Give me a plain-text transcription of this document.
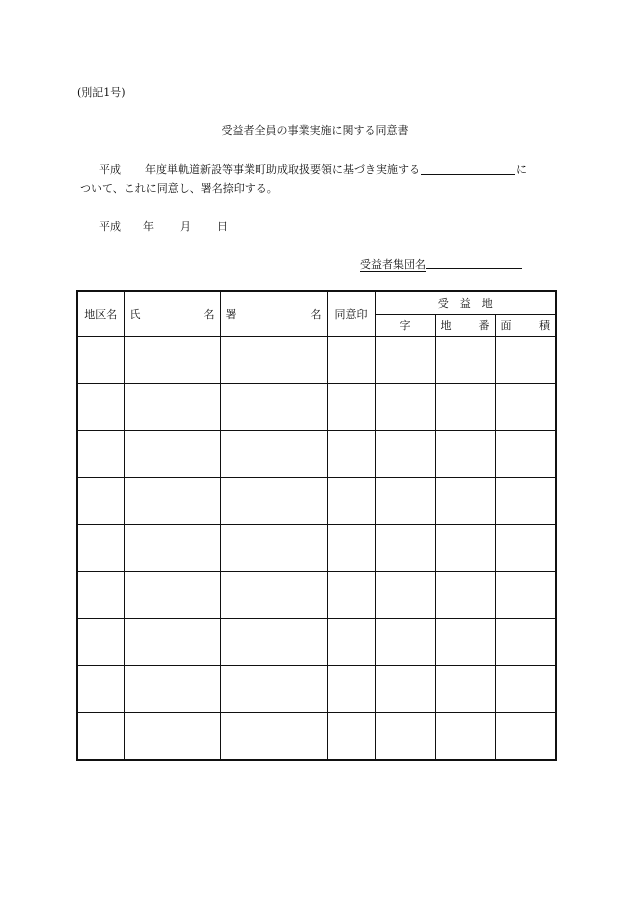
(別記1号)
受益者全員の事業実施に関する同意書
平成 年度単軌道新設等事業町助成取扱要領に基づき実施する	に
ついて、これに同意し、署名捺印する。
平成 年 月 日
受益者集団名
地区名	氏 名	署 名	同意印	受　益　地		
				字	地 番	面 積
